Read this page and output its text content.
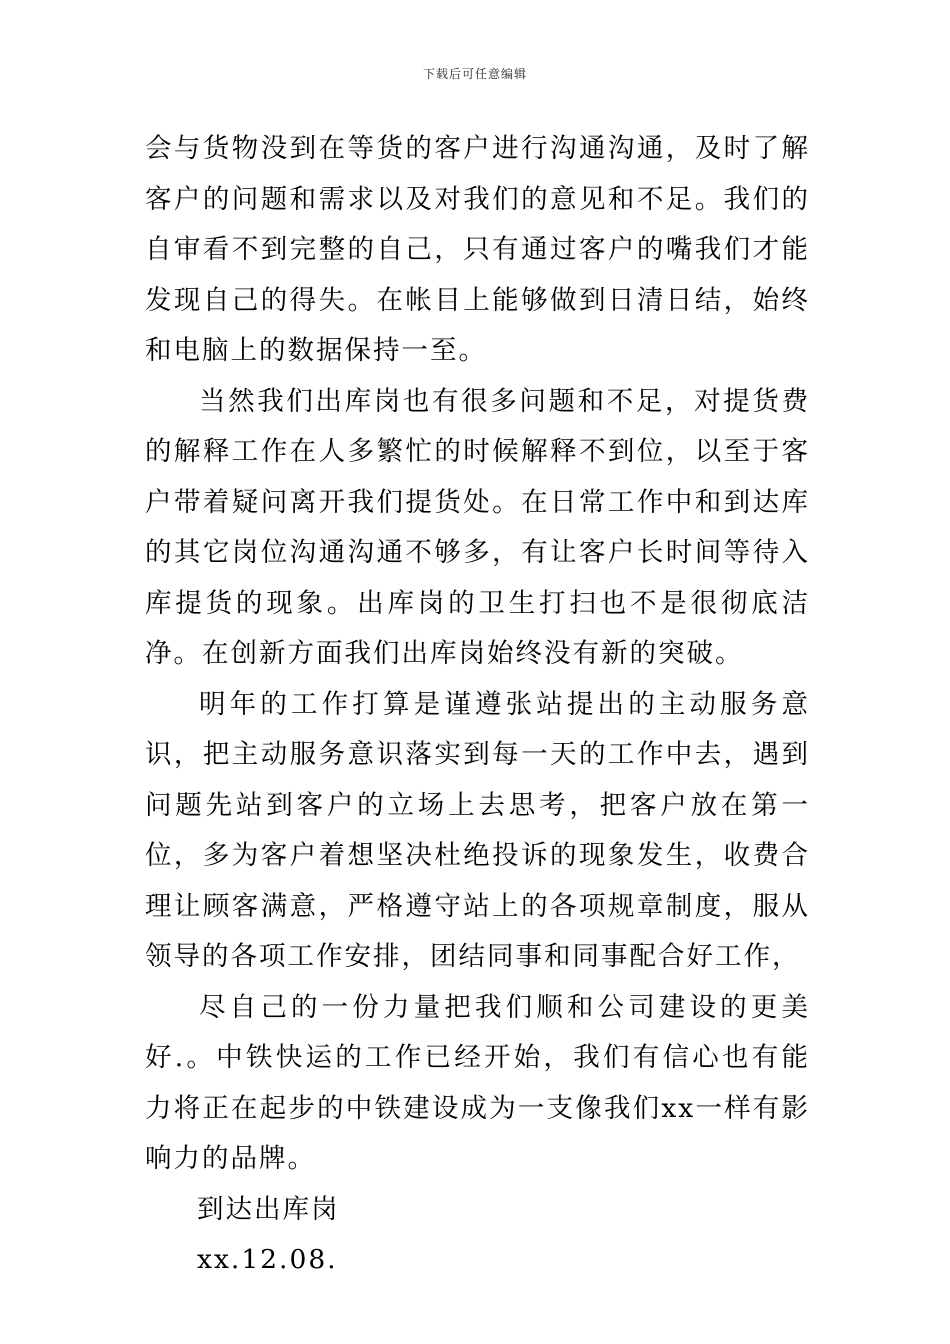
下载后可任意编辑

会与货物没到在等货的客户进行沟通沟通，及时了解客户的问题和需求以及对我们的意见和不足。我们的自审看不到完整的自己，只有通过客户的嘴我们才能发现自己的得失。在帐目上能够做到日清日结，始终和电脑上的数据保持一至。

当然我们出库岗也有很多问题和不足，对提货费的解释工作在人多繁忙的时候解释不到位，以至于客户带着疑问离开我们提货处。在日常工作中和到达库的其它岗位沟通沟通不够多，有让客户长时间等待入库提货的现象。出库岗的卫生打扫也不是很彻底洁净。在创新方面我们出库岗始终没有新的突破。

明年的工作打算是谨遵张站提出的主动服务意识，把主动服务意识落实到每一天的工作中去，遇到问题先站到客户的立场上去思考，把客户放在第一位，多为客户着想坚决杜绝投诉的现象发生，收费合理让顾客满意，严格遵守站上的各项规章制度，服从领导的各项工作安排，团结同事和同事配合好工作，

尽自己的一份力量把我们顺和公司建设的更美好.。中铁快运的工作已经开始，我们有信心也有能力将正在起步的中铁建设成为一支像我们xx一样有影响力的品牌。

到达出库岗

xx.12.08.
